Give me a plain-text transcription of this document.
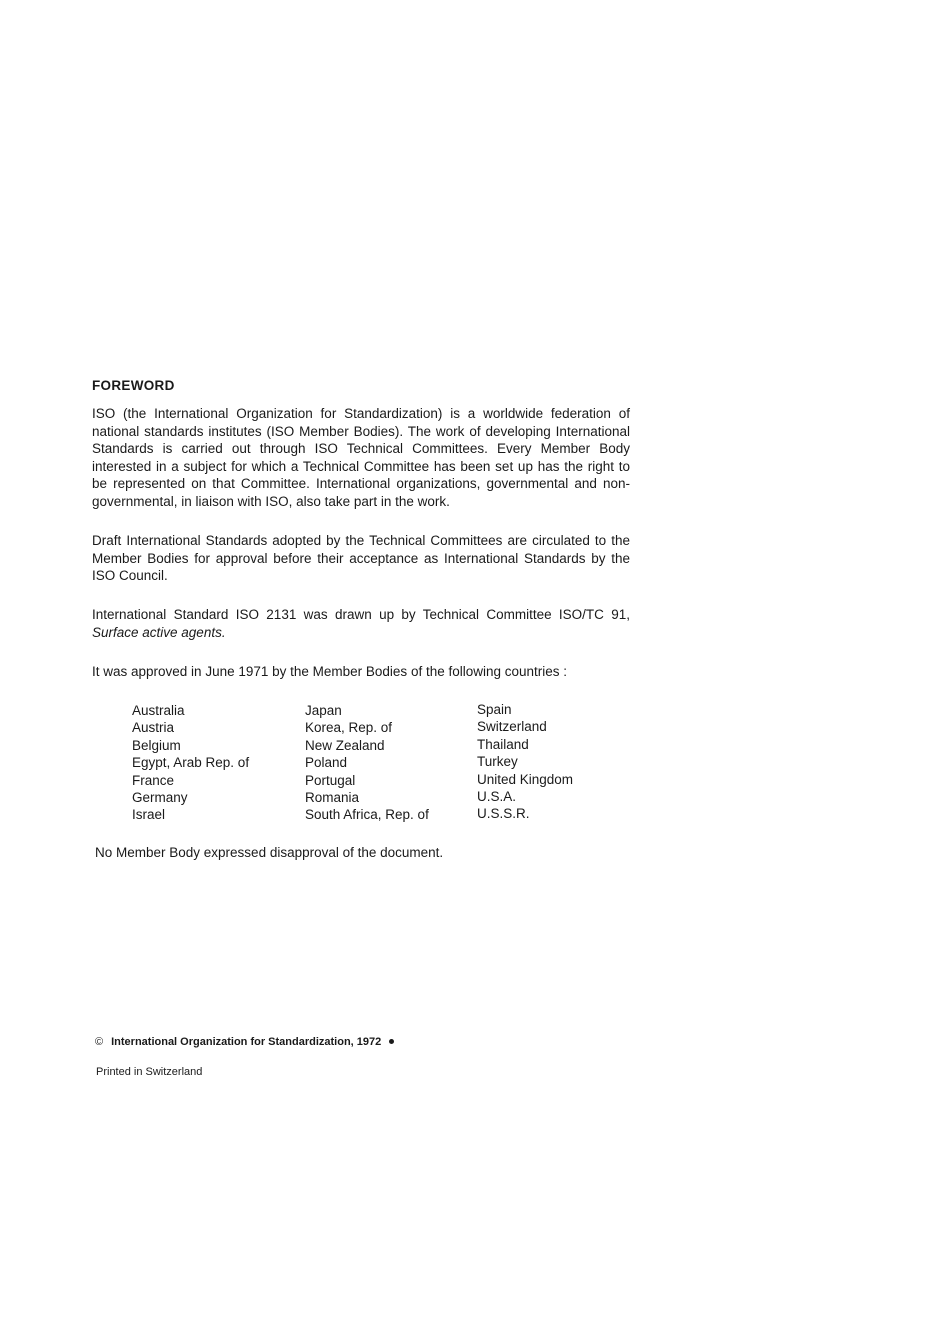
FOREWORD

ISO (the International Organization for Standardization) is a worldwide federation of national standards institutes (ISO Member Bodies). The work of developing International Standards is carried out through ISO Technical Committees. Every Member Body interested in a subject for which a Technical Committee has been set up has the right to be represented on that Committee. International organizations, governmental and non-governmental, in liaison with ISO, also take part in the work.

Draft International Standards adopted by the Technical Committees are circulated to the Member Bodies for approval before their acceptance as International Standards by the ISO Council.

International Standard ISO 2131 was drawn up by Technical Committee ISO/TC 91, Surface active agents.

It was approved in June 1971 by the Member Bodies of the following countries :

Australia
Austria
Belgium
Egypt, Arab Rep. of
France
Germany
Israel
Japan
Korea, Rep. of
New Zealand
Poland
Portugal
Romania
South Africa, Rep. of
Spain
Switzerland
Thailand
Turkey
United Kingdom
U.S.A.
U.S.S.R.

No Member Body expressed disapproval of the document.

© International Organization for Standardization, 1972
Printed in Switzerland
